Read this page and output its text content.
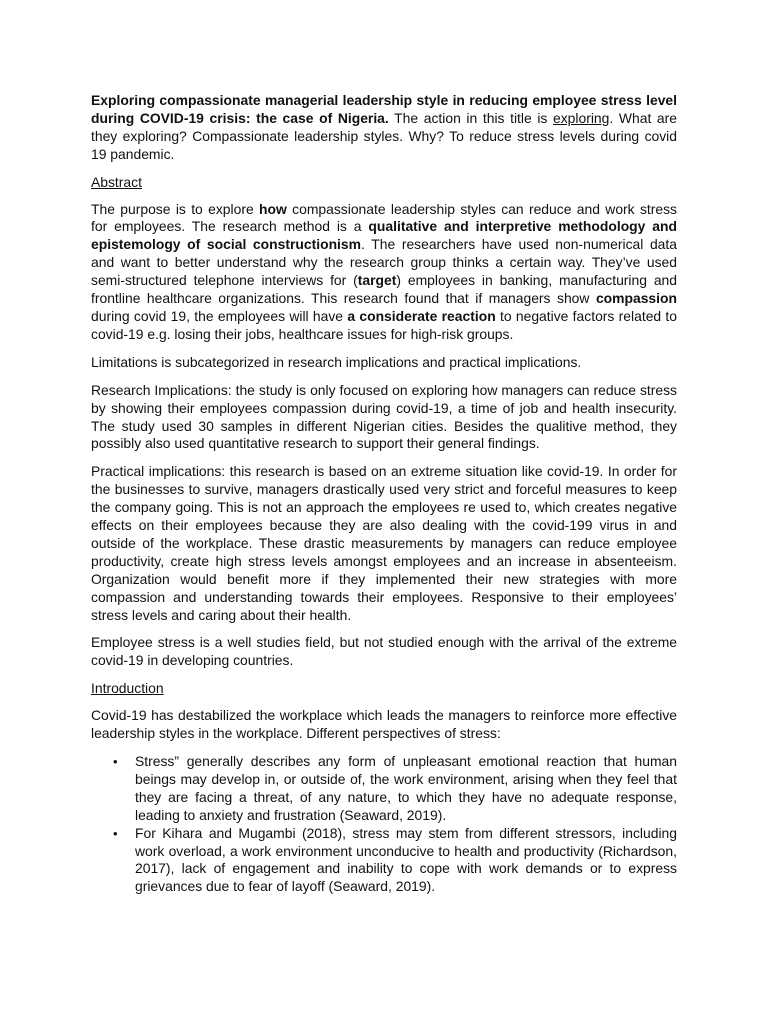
Exploring compassionate managerial leadership style in reducing employee stress level during COVID-19 crisis: the case of Nigeria. The action in this title is exploring. What are they exploring? Compassionate leadership styles. Why? To reduce stress levels during covid 19 pandemic.

Abstract

The purpose is to explore how compassionate leadership styles can reduce and work stress for employees. The research method is a qualitative and interpretive methodology and epistemology of social constructionism. The researchers have used non-numerical data and want to better understand why the research group thinks a certain way. They’ve used semi-structured telephone interviews for (target) employees in banking, manufacturing and frontline healthcare organizations. This research found that if managers show compassion during covid 19, the employees will have a considerate reaction to negative factors related to covid-19 e.g. losing their jobs, healthcare issues for high-risk groups.

Limitations is subcategorized in research implications and practical implications.

Research Implications: the study is only focused on exploring how managers can reduce stress by showing their employees compassion during covid-19, a time of job and health insecurity. The study used 30 samples in different Nigerian cities. Besides the qualitive method, they possibly also used quantitative research to support their general findings.

Practical implications: this research is based on an extreme situation like covid-19. In order for the businesses to survive, managers drastically used very strict and forceful measures to keep the company going. This is not an approach the employees re used to, which creates negative effects on their employees because they are also dealing with the covid-199 virus in and outside of the workplace. These drastic measurements by managers can reduce employee productivity, create high stress levels amongst employees and an increase in absenteeism. Organization would benefit more if they implemented their new strategies with more compassion and understanding towards their employees. Responsive to their employees’ stress levels and caring about their health.

Employee stress is a well studies field, but not studied enough with the arrival of the extreme covid-19 in developing countries.

Introduction

Covid-19 has destabilized the workplace which leads the managers to reinforce more effective leadership styles in the workplace. Different perspectives of stress:

• Stress” generally describes any form of unpleasant emotional reaction that human beings may develop in, or outside of, the work environment, arising when they feel that they are facing a threat, of any nature, to which they have no adequate response, leading to anxiety and frustration (Seaward, 2019).
• For Kihara and Mugambi (2018), stress may stem from different stressors, including work overload, a work environment unconducive to health and productivity (Richardson, 2017), lack of engagement and inability to cope with work demands or to express grievances due to fear of layoff (Seaward, 2019).
